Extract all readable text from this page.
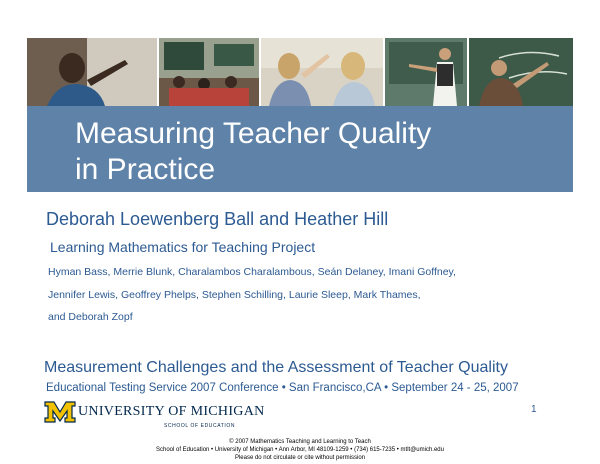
Measuring Teacher Quality
in Practice
Deborah Loewenberg Ball and Heather Hill

Learning Mathematics for Teaching Project

Hyman Bass, Merrie Blunk, Charalambos Charalambous, Seán Delaney, Imani Goffney,

Jennifer Lewis, Geoffrey Phelps, Stephen Schilling, Laurie Sleep, Mark Thames,

and Deborah Zopf

Measurement Challenges and the Assessment of Teacher Quality

Educational Testing Service 2007 Conference • San Francisco,CA • September 24 - 25, 2007

UNIVERSITY OF MICHIGAN

SCHOOL OF EDUCATION

1

© 2007 Mathematics Teaching and Learning to Teach

School of Education • University of Michigan • Ann Arbor, MI 48109-1259 • (734) 615-7235 • mtlt@umich.edu

Please do not circulate or cite without permission
